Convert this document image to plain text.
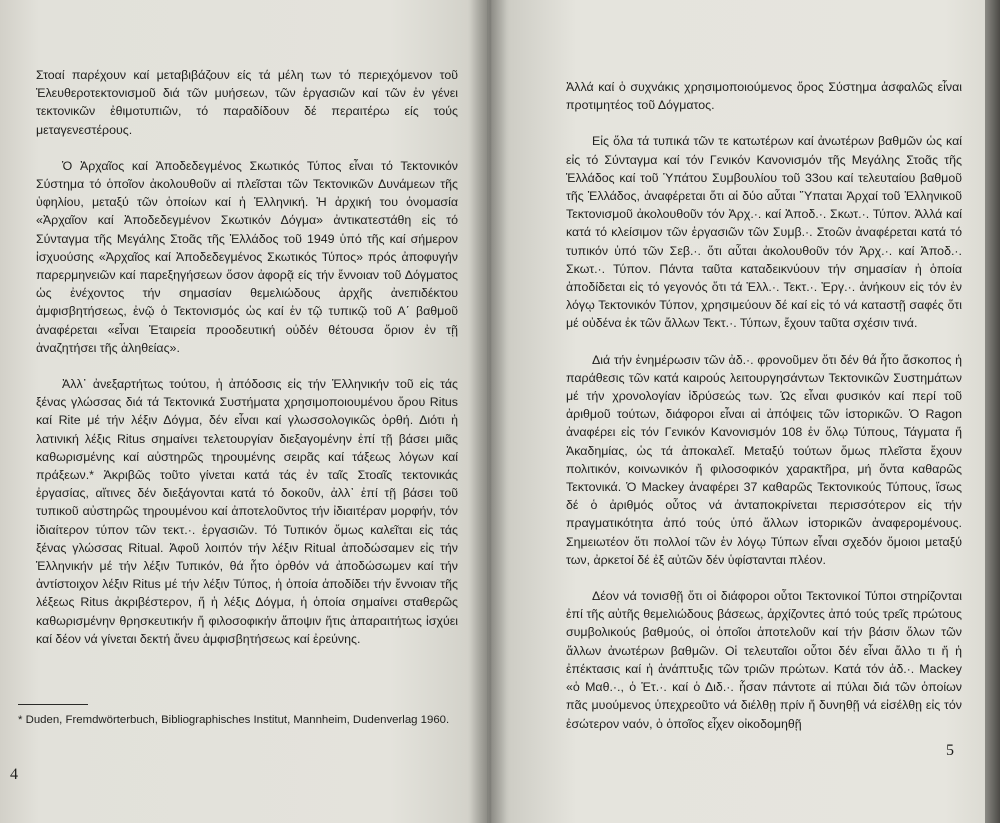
Στοαί παρέχουν καί μεταβιβάζουν είς τά μέλη των τό περιεχόμενον τοῦ Ἐλευθεροτεκτονισμοῦ διά τῶν μυήσεων, τῶν ἐργασιῶν καί τῶν ἐν γένει τεκτονικῶν ἐθιμοτυπιῶν, τό παραδίδουν δέ περαιτέρω είς τούς μεταγενεστέρους.

Ὁ Ἀρχαῖος καί Ἀποδεδεγμένος Σκωτικός Τύπος εἶναι τό Τεκτονικόν Σύστημα τό ὁποῖον ἀκολουθοῦν αἱ πλεῖσται τῶν Τεκτονικῶν Δυνάμεων τῆς ὑφηλίου, μεταξύ τῶν ὁποίων καί ἡ Ἑλληνική. Ἡ ἀρχική του ὀνομασία «Ἀρχαῖον καί Ἀποδεδεγμένον Σκωτικόν Δόγμα» ἀντικατεστάθη εἰς τό Σύνταγμα τῆς Μεγάλης Στοᾶς τῆς Ἑλλάδος τοῦ 1949 ὑπό τῆς καί σήμερον ἰσχυούσης «Ἀρχαῖος καί Ἀποδεδεγμένος Σκωτικός Τύπος» πρός ἀποφυγήν παρερμηνειῶν καί παρεξηγήσεων ὅσον ἀφορᾷ είς τήν ἔννοιαν τοῦ Δόγματος ὡς ἐνέχοντος τήν σημασίαν θεμελιώδους ἀρχῆς ἀνεπιδέκτου ἀμφισβητήσεως, ἐνῷ ὁ Τεκτονισμός ὡς καί ἐν τῷ τυπικῷ τοῦ Α΄ βαθμοῦ ἀναφέρεται «εἶναι Ἑταιρεία προοδευτική οὐδέν θέτουσα ὅριον ἐν τῇ ἀναζητήσει τῆς ἀληθείας».

Ἀλλ᾽ ἀνεξαρτήτως τούτου, ἡ ἀπόδοσις εἰς τήν Ἑλληνικήν τοῦ εἰς τάς ξένας γλώσσας διά τά Τεκτονικά Συστήματα χρησιμοποιουμένου ὅρου Ritus καί Rite μέ τήν λέξιν Δόγμα, δέν εἶναι καί γλωσσολογικῶς ὀρθή. Διότι ἡ λατινική λέξις Ritus σημαίνει τελετουργίαν διεξαγομένην ἐπί τῇ βάσει μιᾶς καθωρισμένης καί αὐστηρῶς τηρουμένης σειρᾶς καί τάξεως λόγων καί πράξεων.* Ἀκριβῶς τοῦτο γίνεται κατά τάς ἐν ταῖς Στοαῖς τεκτονικάς ἐργασίας, αἵτινες δέν διεξάγονται κατά τό δοκοῦν, ἀλλ᾽ ἐπί τῇ βάσει τοῦ τυπικοῦ αὐστηρῶς τηρουμένου καί ἀποτελοῦντος τήν ἰδιαιτέραν μορφήν, τόν ἰδιαίτερον τύπον τῶν τεκτ.·. ἐργασιῶν. Τό Τυπικόν ὅμως καλεῖται εἰς τάς ξένας γλώσσας Ritual. Ἀφοῦ λοιπόν τήν λέξιν Ritual ἀποδώσαμεν εἰς τήν Ἑλληνικήν μέ τήν λέξιν Τυπικόν, θά ἦτο ὀρθόν νά ἀποδώσωμεν καί τήν ἀντίστοιχον λέξιν Ritus μέ τήν λέξιν Τύπος, ἡ ὁποία ἀποδίδει τήν ἔννοιαν τῆς λέξεως Ritus ἀκριβέστερον, ἤ ἡ λέξις Δόγμα, ἡ ὁποία σημαίνει σταθερῶς καθωρισμένην θρησκευτικήν ἤ φιλοσοφικήν ἄποψιν ἥτις ἀπαραιτήτως ἰσχύει καί δέον νά γίνεται δεκτή ἄνευ ἀμφισβητήσεως καί ἐρεύνης.

* Duden, Fremdwörterbuch, Bibliographisches Institut, Mannheim, Dudenverlag 1960.
4

Ἀλλά καί ὁ συχνάκις χρησιμοποιούμενος ὅρος Σύστημα ἀσφαλῶς εἶναι προτιμητέος τοῦ Δόγματος.

Εἰς ὅλα τά τυπικά τῶν τε κατωτέρων καί ἀνωτέρων βαθμῶν ὡς καί εἰς τό Σύνταγμα καί τόν Γενικόν Κανονισμόν τῆς Μεγάλης Στοᾶς τῆς Ἑλλάδος καί τοῦ Ὑπάτου Συμβουλίου τοῦ 33ου καί τελευταίου βαθμοῦ τῆς Ἑλλάδος, ἀναφέρεται ὅτι αἱ δύο αὗται Ὕπαται Ἀρχαί τοῦ Ἑλληνικοῦ Τεκτονισμοῦ ἀκολουθοῦν τόν Ἀρχ.·. καί Ἀποδ.·. Σκωτ.·. Τύπον. Ἀλλά καί κατά τό κλείσιμον τῶν ἐργασιῶν τῶν Συμβ.·. Στοῶν ἀναφέρεται κατά τό τυπικόν ὑπό τῶν Σεβ.·. ὅτι αὗται ἀκολουθοῦν τόν Ἀρχ.·. καί Ἀποδ.·. Σκωτ.·. Τύπον. Πάντα ταῦτα καταδεικνύουν τήν σημασίαν ἡ ὁποία ἀποδίδεται εἰς τό γεγονός ὅτι τά Ἑλλ.·. Τεκτ.·. Ἐργ.·. ἀνήκουν εἰς τόν ἐν λόγῳ Τεκτονικόν Τύπον, χρησιμεύουν δέ καί εἰς τό νά καταστῇ σαφές ὅτι μέ οὐδένα ἐκ τῶν ἄλλων Τεκτ.·. Τύπων, ἔχουν ταῦτα σχέσιν τινά.

Διά τήν ἐνημέρωσιν τῶν ἀδ.·. φρονοῦμεν ὅτι δέν θά ἦτο ἄσκοπος ἡ παράθεσις τῶν κατά καιρούς λειτουργησάντων Τεκτονικῶν Συστημάτων μέ τήν χρονολογίαν ἱδρύσεώς των. Ὡς εἶναι φυσικόν καί περί τοῦ ἀριθμοῦ τούτων, διάφοροι εἶναι αἱ ἀπόψεις τῶν ἱστορικῶν. Ὁ Ragon ἀναφέρει εἰς τόν Γενικόν Κανονισμόν 108 ἐν ὅλῳ Τύπους, Τάγματα ἤ Ἀκαδημίας, ὡς τά ἀποκαλεῖ. Μεταξύ τούτων ὅμως πλεῖστα ἔχουν πολιτικόν, κοινωνικόν ἤ φιλοσοφικόν χαρακτῆρα, μή ὄντα καθαρῶς Τεκτονικά. Ὁ Mackey ἀναφέρει 37 καθαρῶς Τεκτονικούς Τύπους, ἴσως δέ ὁ ἀριθμός οὗτος νά ἀνταποκρίνεται περισσότερον εἰς τήν πραγματικότητα ἀπό τούς ὑπό ἄλλων ἱστορικῶν ἀναφερομένους. Σημειωτέον ὅτι πολλοί τῶν ἐν λόγῳ Τύπων εἶναι σχεδόν ὅμοιοι μεταξύ των, ἀρκετοί δέ ἐξ αὐτῶν δέν ὑφίστανται πλέον.

Δέον νά τονισθῇ ὅτι οἱ διάφοροι οὗτοι Τεκτονικοί Τύποι στηρίζονται ἐπί τῆς αὐτῆς θεμελιώδους βάσεως, ἀρχίζοντες ἀπό τούς τρεῖς πρώτους συμβολικούς βαθμούς, οἱ ὁποῖοι ἀποτελοῦν καί τήν βάσιν ὅλων τῶν ἄλλων ἀνωτέρων βαθμῶν. Οἱ τελευταῖοι οὗτοι δέν εἶναι ἄλλο τι ἤ ἡ ἐπέκτασις καί ἡ ἀνάπτυξις τῶν τριῶν πρώτων. Κατά τόν ἀδ.·. Mackey «ὁ Μαθ.·., ὁ Ἑτ.·. καί ὁ Διδ.·. ἦσαν πάντοτε αἱ πύλαι διά τῶν ὁποίων πᾶς μυούμενος ὑπεχρεοῦτο νά διέλθῃ πρίν ἤ δυνηθῇ νά εἰσέλθῃ εἰς τόν ἐσώτερον ναόν, ὁ ὁποῖος εἶχεν οἰκοδομηθῇ

5
